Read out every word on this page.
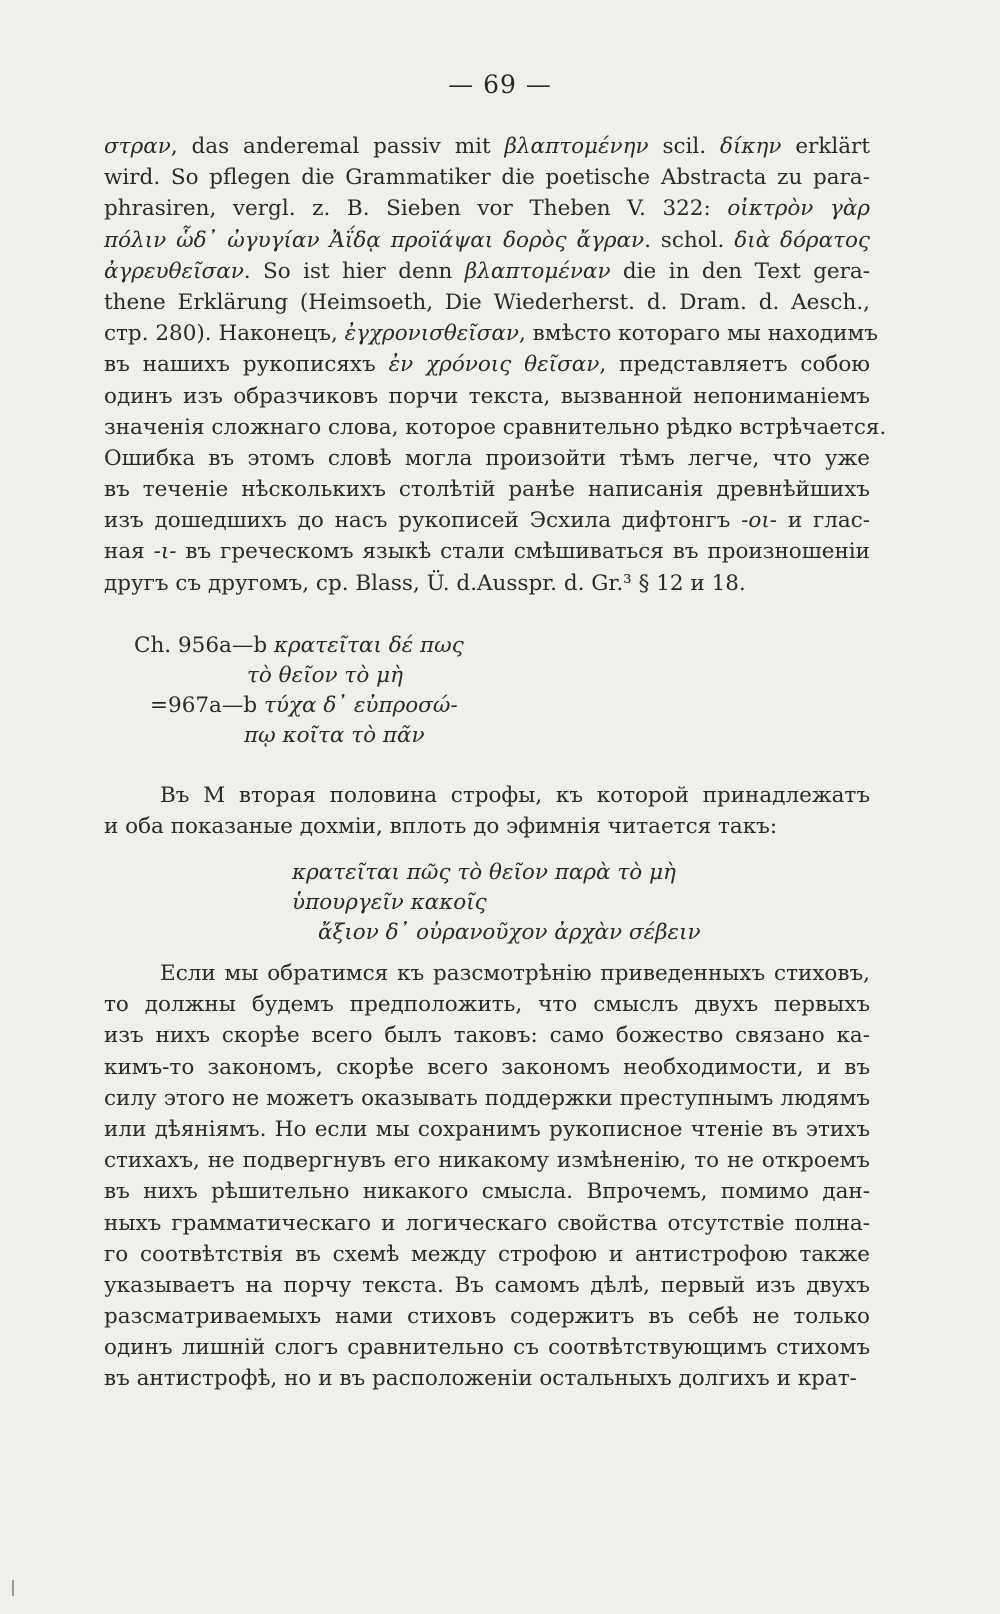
— 69 —
στραν, das anderemal passiv mit βλαπτομένην scil. δίκην erklärt
wird. So pflegen die Grammatiker die poetische Abstracta zu para-
phrasiren, vergl. z. B. Sieben vor Theben V. 322: οἰκτρὸν γὰρ
πόλιν ὧδ᾽ ὠγυγίαν Ἀΐδᾳ προϊάψαι δορὸς ἄγραν. schol. διὰ δόρατος
ἀγρευθεῖσαν. So ist hier denn βλαπτομέναν die in den Text gera-
thene Erklärung (Heimsoeth, Die Wiederherst. d. Dram. d. Aesch.,
стр. 280). Наконецъ, ἐγχρονισθεῖσαν, вмѣсто котораго мы находимъ
въ нашихъ рукописяхъ ἐν χρόνοις θεῖσαν, представляетъ собою
одинъ изъ образчиковъ порчи текста, вызванной непониманіемъ
значенія сложнаго слова, которое сравнительно рѣдко встрѣчается.
Ошибка въ этомъ словѣ могла произойти тѣмъ легче, что уже
въ теченіе нѣсколькихъ столѣтій ранѣе написанія древнѣйшихъ
изъ дошедшихъ до насъ рукописей Эсхила дифтонгъ -οι- и глас-
ная -ι- въ греческомъ языкѣ стали смѣшиваться въ произношеніи
другъ съ другомъ, ср. Blass, Ü. d.Ausspr. d. Gr.³ § 12 и 18.
Ch. 956a—b κρατεῖται δέ πως
τὸ θεῖον τὸ μὴ
=967a—b τύχα δ᾽ εὐπροσώ-
πῳ κοῖτα τὸ πᾶν
Въ М вторая половина строфы, къ которой принадлежатъ
и оба показаные дохміи, вплоть до эфимнія читается такъ:
κρατεῖται πῶς τὸ θεῖον παρὰ τὸ μὴ
ὑπουργεῖν κακοῖς
ἄξιον δ᾽ οὐρανοῦχον ἀρχὰν σέβειν
Если мы обратимся къ разсмотрѣнію приведенныхъ стиховъ,
то должны будемъ предположить, что смыслъ двухъ первыхъ
изъ нихъ скорѣе всего былъ таковъ: само божество связано ка-
кимъ-то закономъ, скорѣе всего закономъ необходимости, и въ
силу этого не можетъ оказывать поддержки преступнымъ людямъ
или дѣяніямъ. Но если мы сохранимъ рукописное чтеніе въ этихъ
стихахъ, не подвергнувъ его никакому измѣненію, то не откроемъ
въ нихъ рѣшительно никакого смысла. Впрочемъ, помимо дан-
ныхъ грамматическаго и логическаго свойства отсутствіе полна-
го соотвѣтствія въ схемѣ между строфою и антистрофою также
указываетъ на порчу текста. Въ самомъ дѣлѣ, первый изъ двухъ
разсматриваемыхъ нами стиховъ содержитъ въ себѣ не только
одинъ лишній слогъ сравнительно съ соотвѣтствующимъ стихомъ
въ антистрофѣ, но и въ расположеніи остальныхъ долгихъ и крат-
